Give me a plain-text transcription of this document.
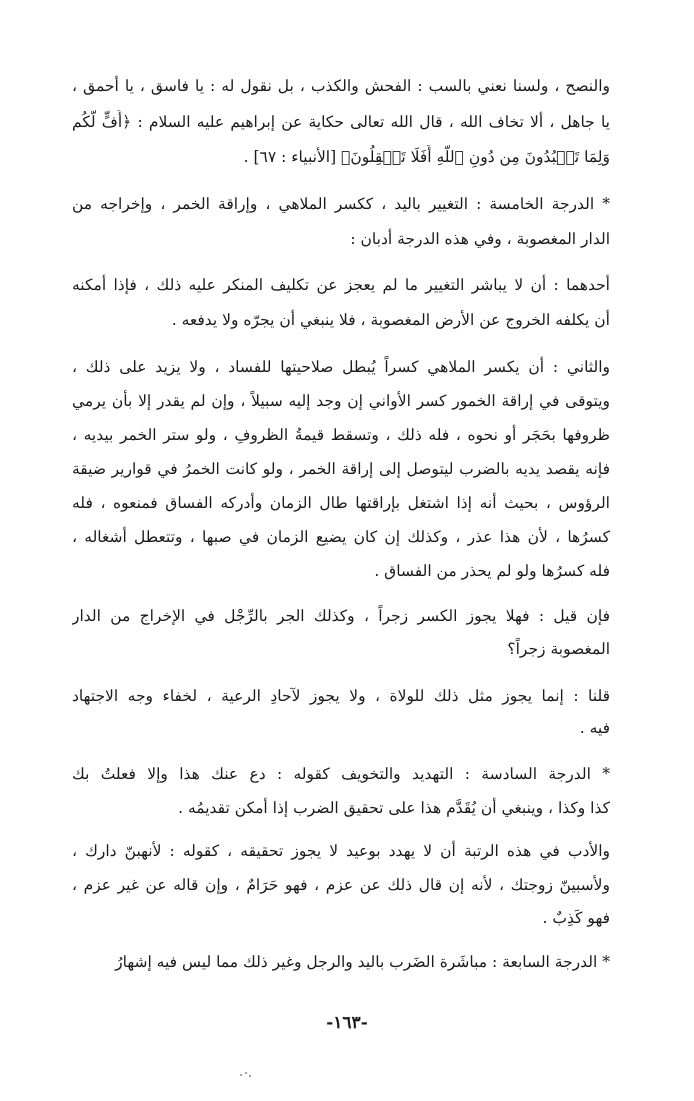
والنصح ، ولسنا نعني بالسب : الفحش والكذب ، بل نقول له : يا فاسق ، يا أحمق ،
يا جاهل ، ألا تخاف الله ، قال الله تعالى حكاية عن إبراهيم عليه السلام : ﴿أُفٍّ لَّكُم
وَلِمَا تَعۡبُدُونَ مِن دُونِ ٱللَّهِ أَفَلَا تَعۡقِلُونَ﴾ [الأنبياء : ٦٧] .
* الدرجة الخامسة : التغيير باليد ، ككسر الملاهي ، وإراقة الخمر ، وإخراجه من
الدار المغصوبة ، وفي هذه الدرجة أدبان :
أحدهما : أن لا يباشر التغيير ما لم يعجز عن تكليف المنكر عليه ذلك ، فإذا أمكنه
أن يكلفه الخروج عن الأرض المغصوبة ، فلا ينبغي أن يجرّه ولا يدفعه .
والثاني : أن يكسر الملاهي كسراً يُبطل صلاحيتها للفساد ، ولا يزيد على ذلك ،
ويتوقى في إراقة الخمور كسر الأواني إن وجد إليه سبيلاً ، وإن لم يقدر إلا بأن يرمي
ظروفها بحَجَر أو نحوه ، فله ذلك ، وتسقط قيمةُ الظروفِ ، ولو ستر الخمر بيديه ،
فإنه يقصد يديه بالضرب ليتوصل إلى إراقة الخمر ، ولو كانت الخمرُ في قوارير ضيقة
الرؤوس ، بحيث أنه إذا اشتغل بإراقتها طال الزمان وأدركه الفساق فمنعوه ، فله
كسرُها ، لأن هذا عذر ، وكذلك إن كان يضيع الزمان في صبها ، وتتعطل أشغاله ،
فله كسرُها ولو لم يحذر من الفساق .
فإن قيل : فهلا يجوز الكسر زجراً ، وكذلك الجر بالرِّجْل في الإخراج من الدار
المغصوبة زجراً؟
قلنا : إنما يجوز مثل ذلك للولاة ، ولا يجوز لآحادِ الرعية ، لخفاء وجه الاجتهاد
فيه .
* الدرجة السادسة : التهديد والتخويف كقوله : دع عنك هذا وإلا فعلتُ بك
كذا وكذا ، وينبغي أن يُقَدَّم هذا على تحقيق الضرب إذا أمكن تقديمُه .
والأدب في هذه الرتبة أن لا يهدد بوعيد لا يجوز تحقيقه ، كقوله : لأنهبنّ دارك ،
ولأسبينّ زوجتك ، لأنه إن قال ذلك عن عزم ، فهو حَرَامٌ ، وإن قاله عن غير عزم ،
فهو كَذِبٌ .
* الدرجة السابعة : مباشَرة الضَرب باليد والرجل وغير ذلك مما ليس فيه إشهارُ
-١٦٣-
